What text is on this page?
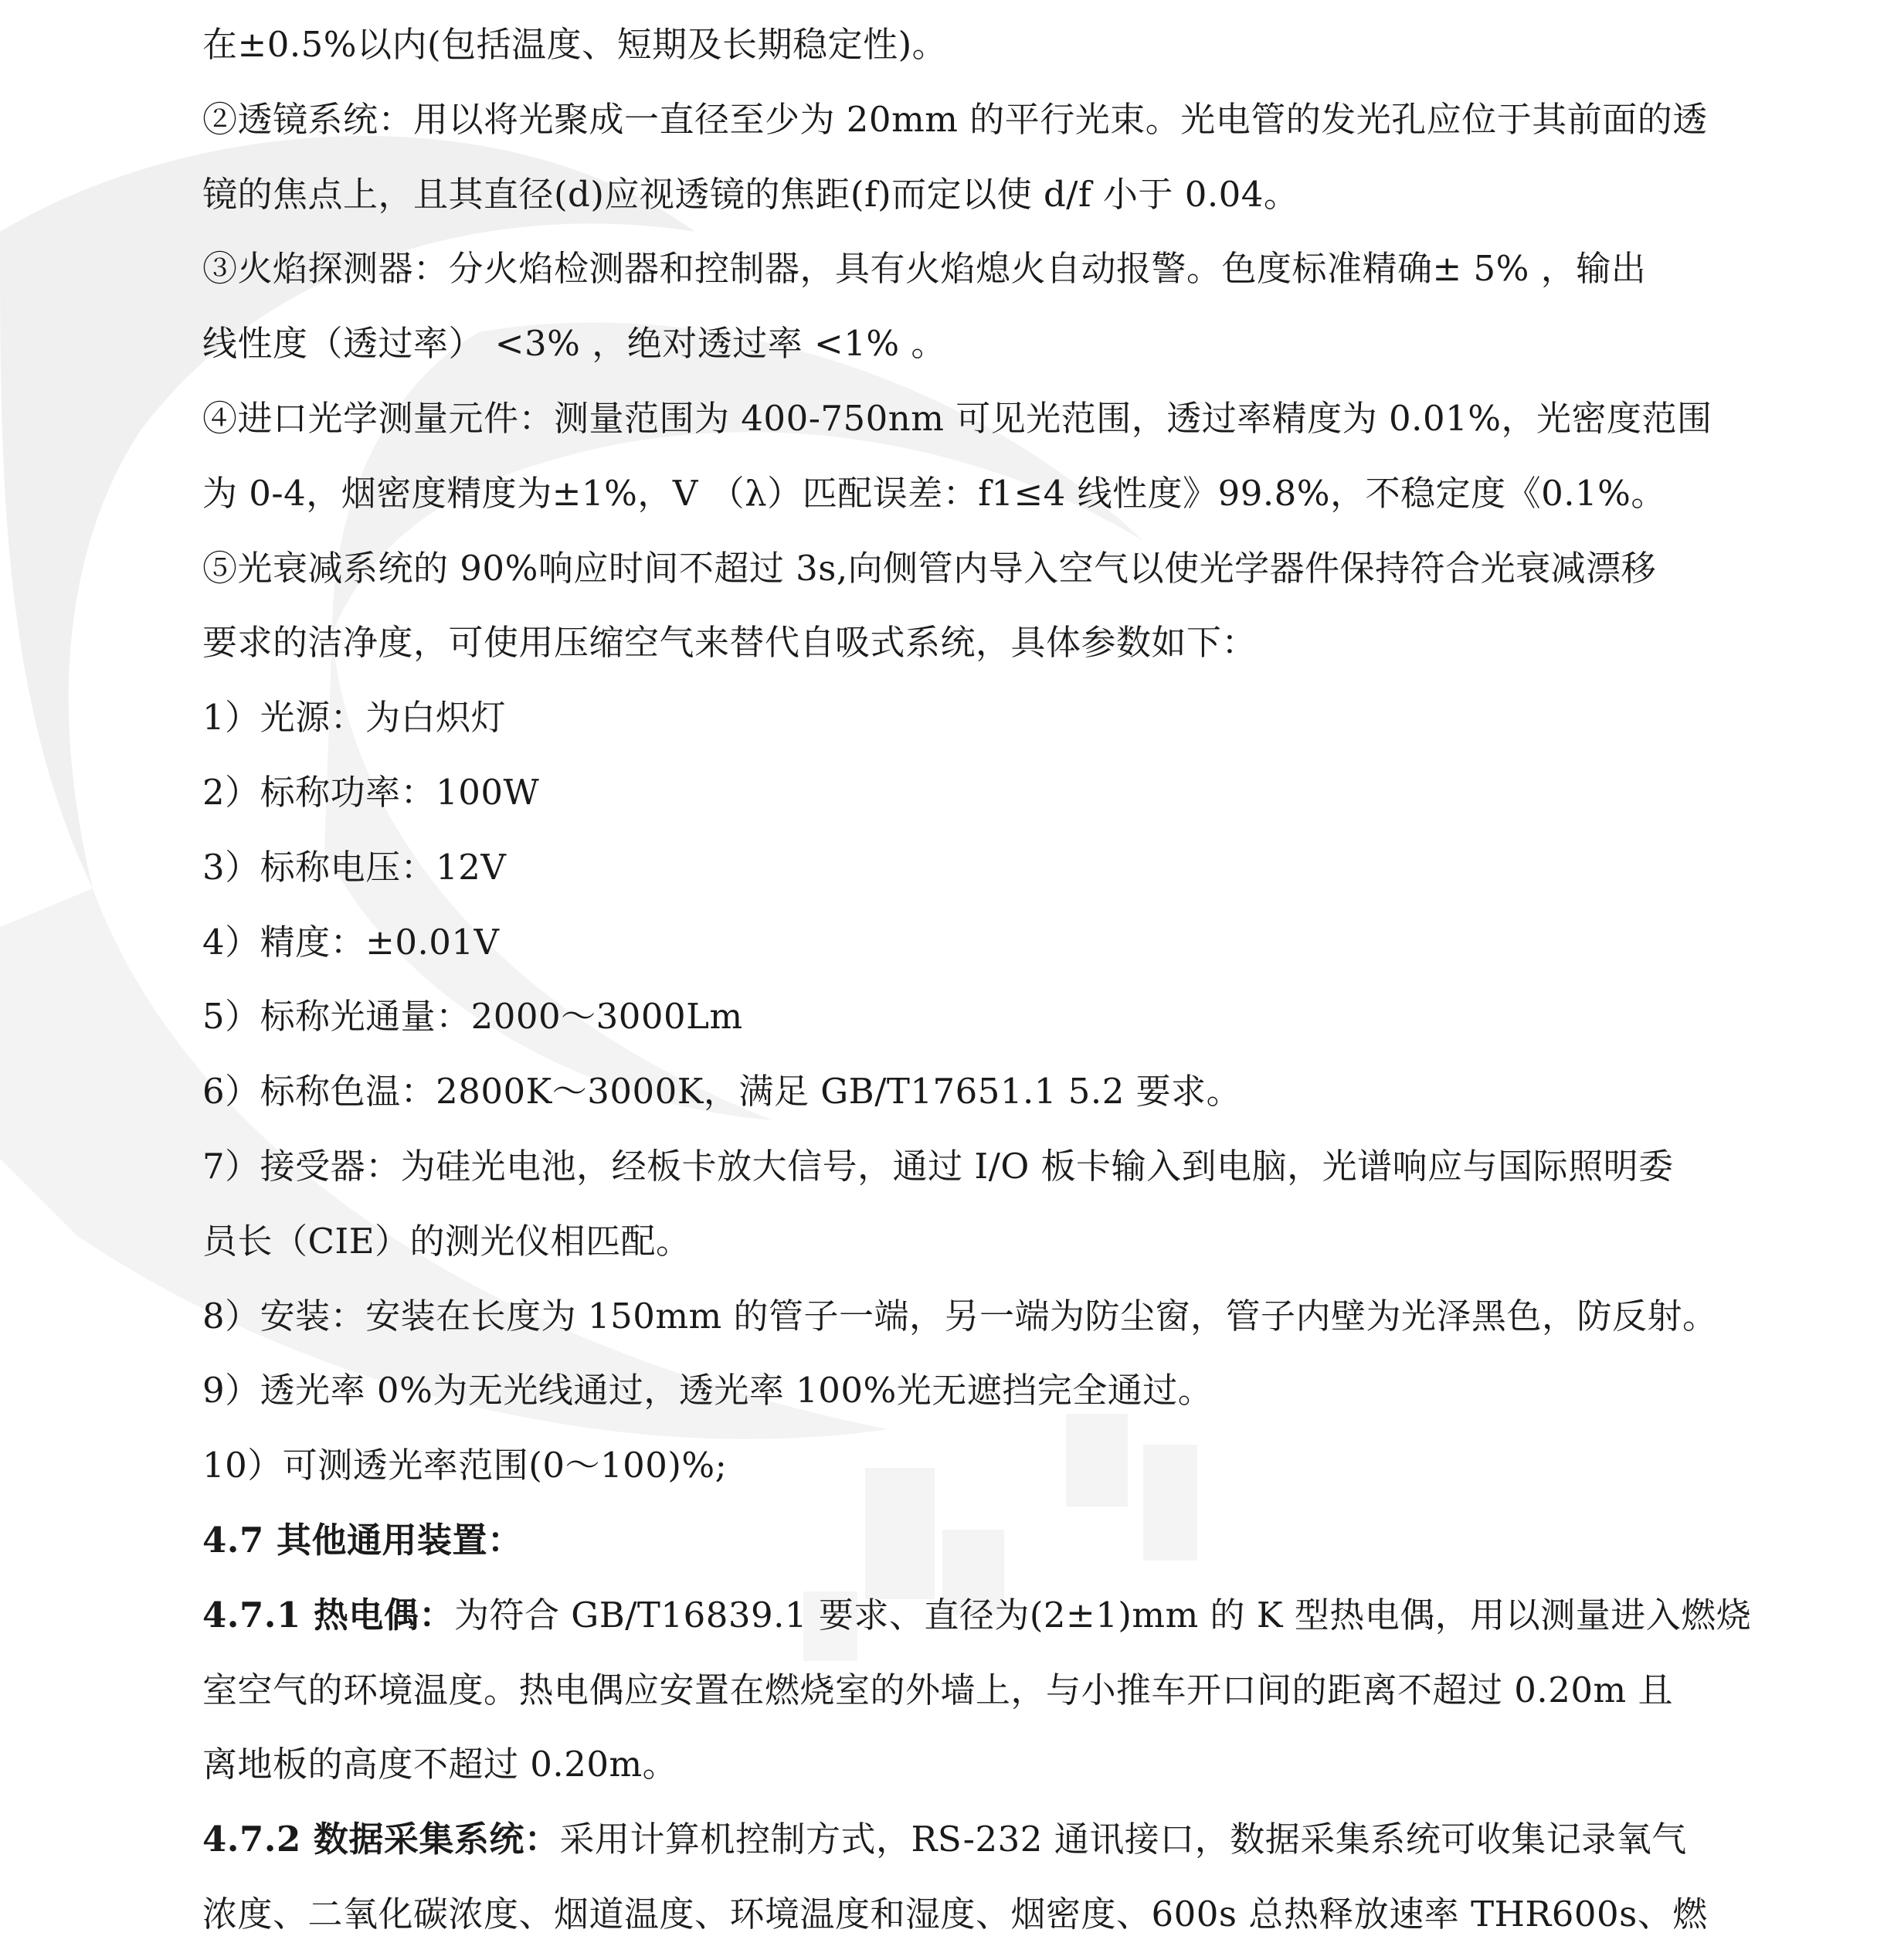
在±0.5%以内(包括温度、短期及长期稳定性)。
②透镜系统：用以将光聚成一直径至少为 20mm 的平行光束。光电管的发光孔应位于其前面的透
镜的焦点上，且其直径(d)应视透镜的焦距(f)而定以使 d/f 小于 0.04。
③火焰探测器：分火焰检测器和控制器，具有火焰熄火自动报警。色度标准精确± 5% ，输出
线性度（透过率） <3% ，绝对透过率 <1% 。
④进口光学测量元件：测量范围为 400-750nm 可见光范围，透过率精度为 0.01%，光密度范围
为 0-4，烟密度精度为±1%，V （λ）匹配误差：f1≤4 线性度》99.8%，不稳定度《0.1%。
⑤光衰减系统的 90%响应时间不超过 3s,向侧管内导入空气以使光学器件保持符合光衰减漂移
要求的洁净度，可使用压缩空气来替代自吸式系统，具体参数如下：
1）光源：为白炽灯
2）标称功率：100W
3）标称电压：12V
4）精度：±0.01V
5）标称光通量：2000～3000Lm
6）标称色温：2800K～3000K，满足 GB/T17651.1 5.2 要求。
7）接受器：为硅光电池，经板卡放大信号，通过 I/O 板卡输入到电脑，光谱响应与国际照明委
员长（CIE）的测光仪相匹配。
8）安装：安装在长度为 150mm 的管子一端，另一端为防尘窗，管子内壁为光泽黑色，防反射。
9）透光率 0%为无光线通过，透光率 100%光无遮挡完全通过。
10）可测透光率范围(0～100)%;
4.7 其他通用装置：
4.7.1 热电偶：为符合 GB/T16839.1 要求、直径为(2±1)mm 的 K 型热电偶，用以测量进入燃烧
室空气的环境温度。热电偶应安置在燃烧室的外墙上，与小推车开口间的距离不超过 0.20m 且
离地板的高度不超过 0.20m。
4.7.2 数据采集系统：采用计算机控制方式，RS-232 通讯接口，数据采集系统可收集记录氧气
浓度、二氧化碳浓度、烟道温度、环境温度和湿度、烟密度、600s 总热释放速率 THR600s、燃
